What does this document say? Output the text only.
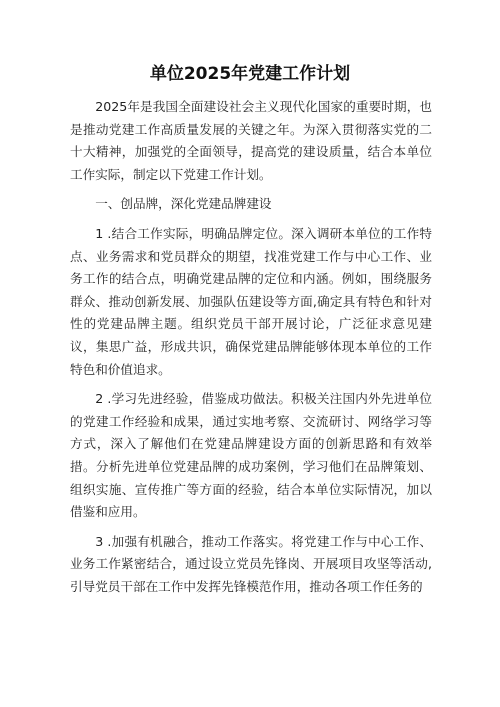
单位2025年党建工作计划

2025年是我国全面建设社会主义现代化国家的重要时期，也是推动党建工作高质量发展的关键之年。为深入贯彻落实党的二十大精神，加强党的全面领导，提高党的建设质量，结合本单位工作实际，制定以下党建工作计划。

一、创品牌，深化党建品牌建设

1 .结合工作实际，明确品牌定位。深入调研本单位的工作特点、业务需求和党员群众的期望，找准党建工作与中心工作、业务工作的结合点，明确党建品牌的定位和内涵。例如，围绕服务群众、推动创新发展、加强队伍建设等方面,确定具有特色和针对性的党建品牌主题。组织党员干部开展讨论，广泛征求意见建议，集思广益，形成共识，确保党建品牌能够体现本单位的工作特色和价值追求。

2 .学习先进经验，借鉴成功做法。积极关注国内外先进单位的党建工作经验和成果，通过实地考察、交流研讨、网络学习等方式，深入了解他们在党建品牌建设方面的创新思路和有效举措。分析先进单位党建品牌的成功案例，学习他们在品牌策划、组织实施、宣传推广等方面的经验，结合本单位实际情况，加以借鉴和应用。

3 .加强有机融合，推动工作落实。将党建工作与中心工作、业务工作紧密结合，通过设立党员先锋岗、开展项目攻坚等活动,引导党员干部在工作中发挥先锋模范作用，推动各项工作任务的
